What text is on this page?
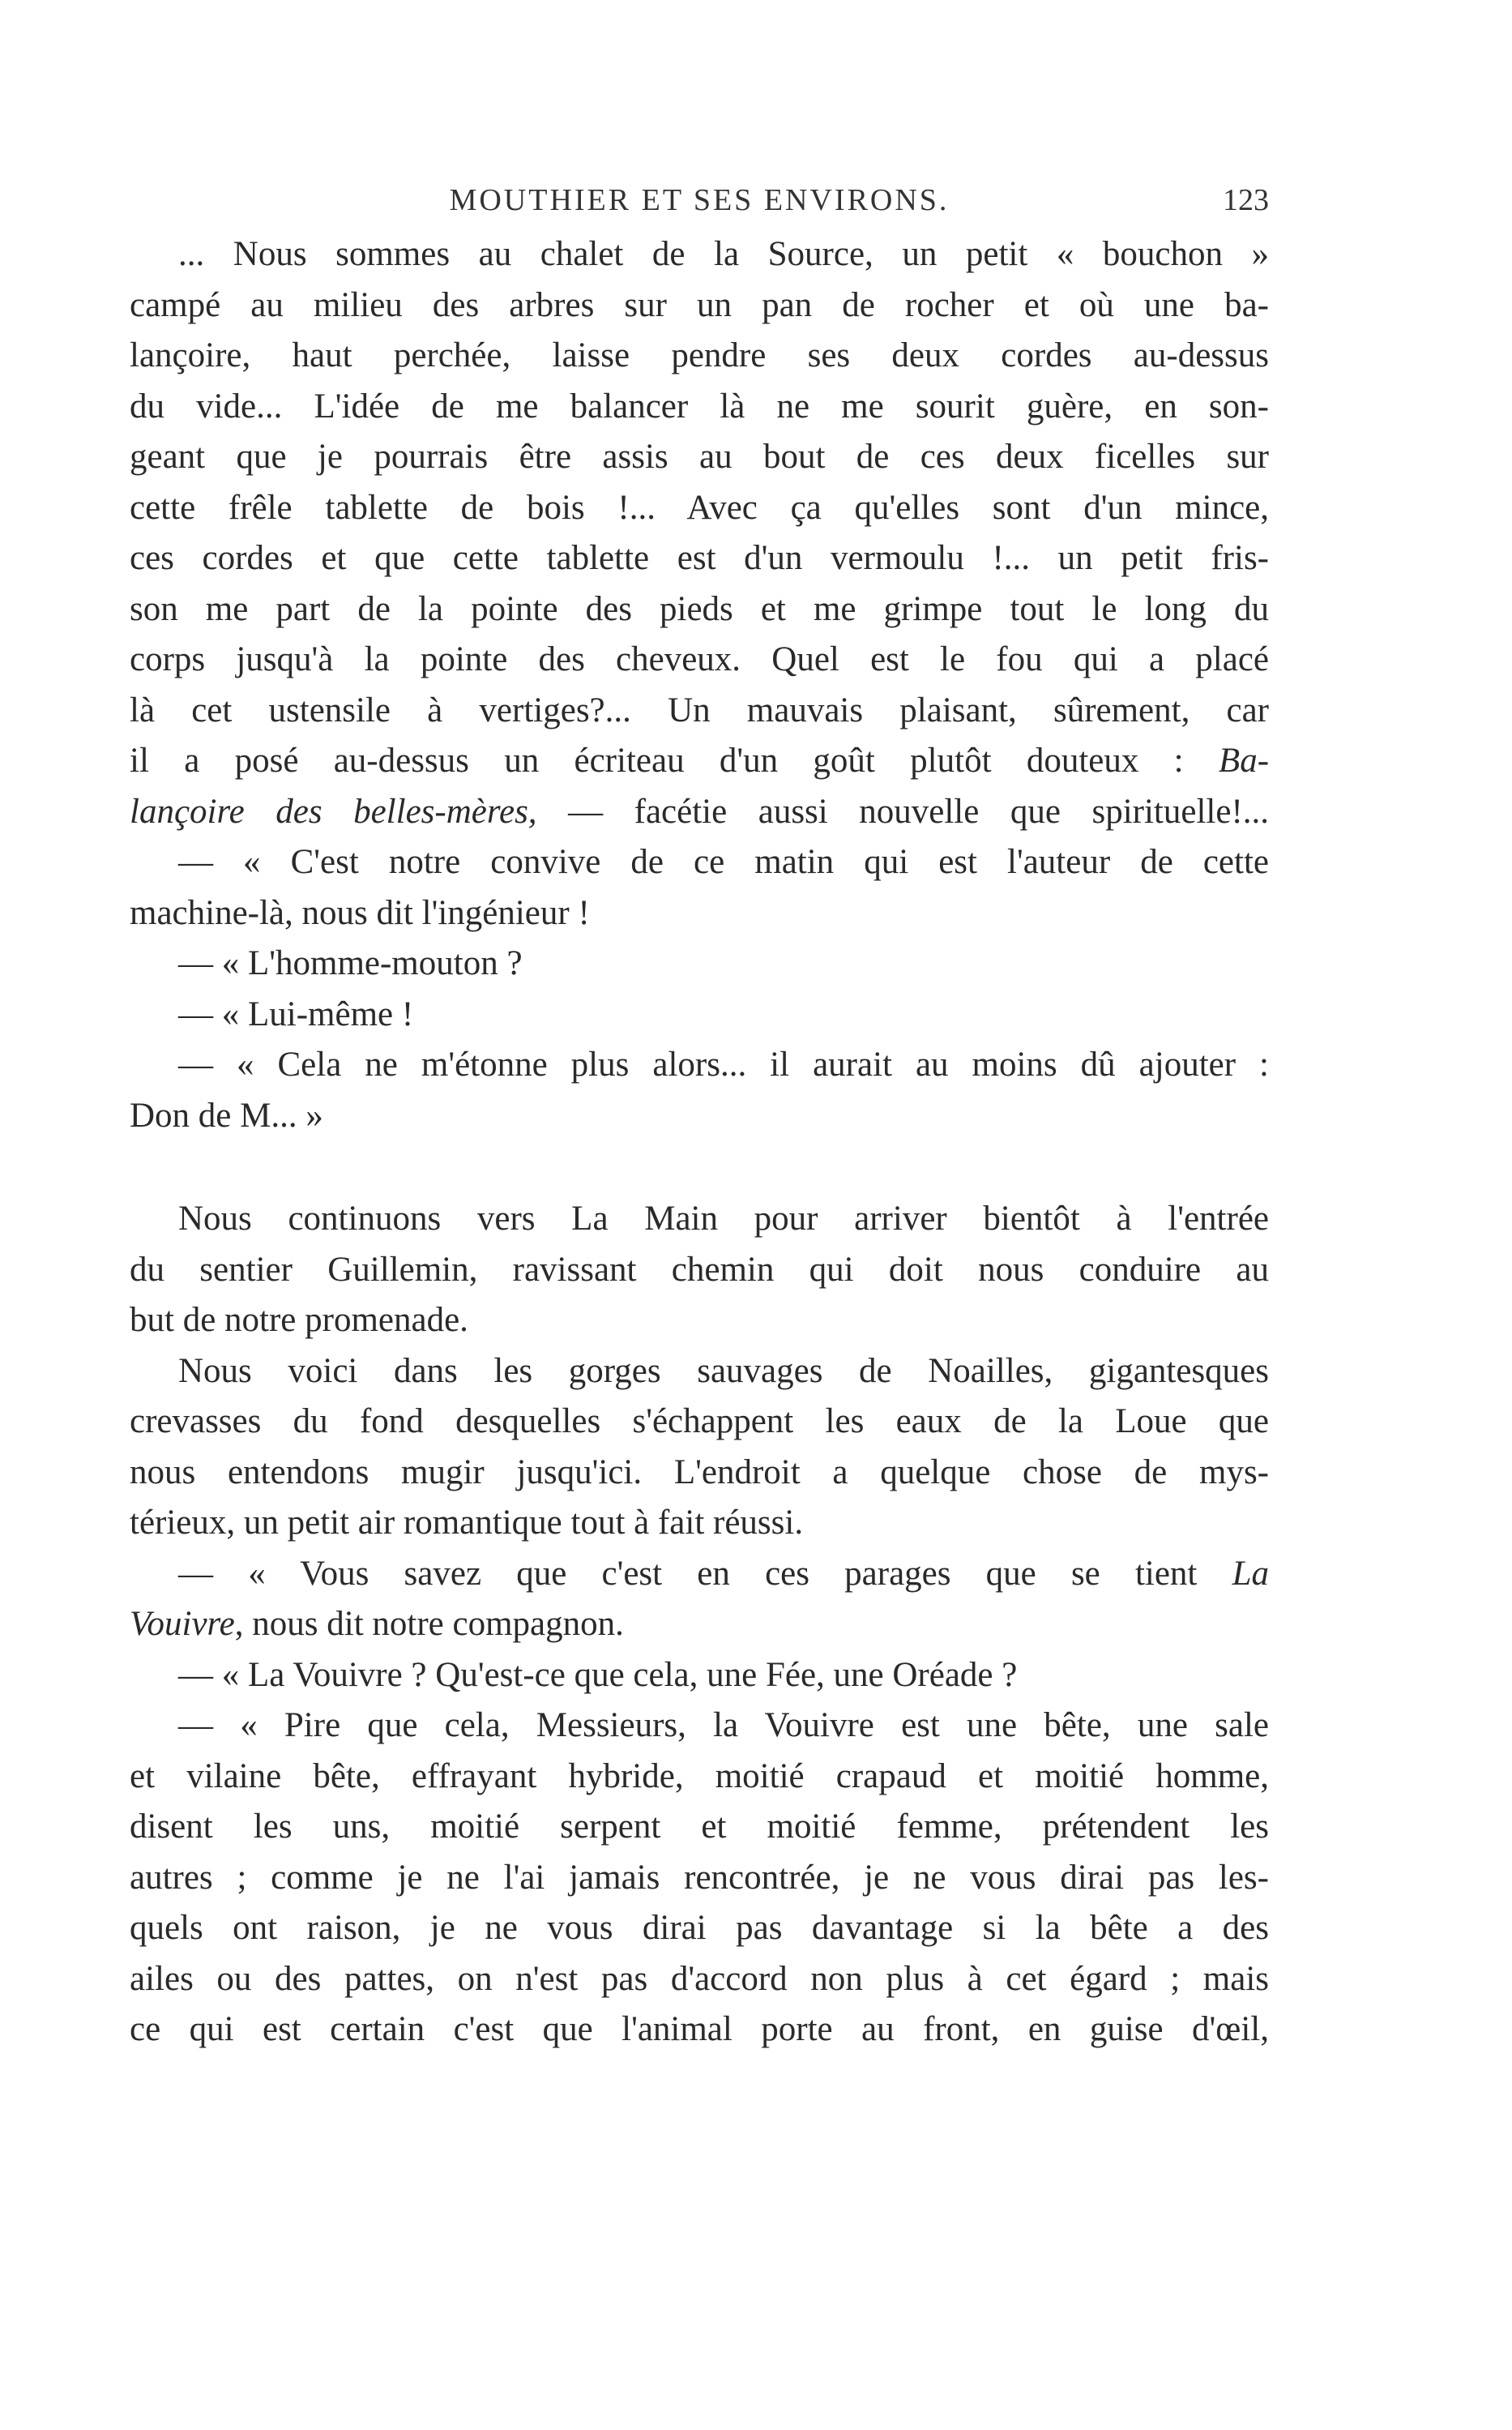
MOUTHIER ET SES ENVIRONS.	123
... Nous sommes au chalet de la Source, un petit « bouchon »
campé au milieu des arbres sur un pan de rocher et où une ba-
lançoire, haut perchée, laisse pendre ses deux cordes au-dessus
du vide... L'idée de me balancer là ne me sourit guère, en son-
geant que je pourrais être assis au bout de ces deux ficelles sur
cette frêle tablette de bois !... Avec ça qu'elles sont d'un mince,
ces cordes et que cette tablette est d'un vermoulu !... un petit fris-
son me part de la pointe des pieds et me grimpe tout le long du
corps jusqu'à la pointe des cheveux. Quel est le fou qui a placé
là cet ustensile à vertiges?... Un mauvais plaisant, sûrement, car
il a posé au-dessus un écriteau d'un goût plutôt douteux : Ba-
lançoire des belles-mères, — facétie aussi nouvelle que spirituelle!...
— « C'est notre convive de ce matin qui est l'auteur de cette
machine-là, nous dit l'ingénieur !
— « L'homme-mouton ?
— « Lui-même !
— « Cela ne m'étonne plus alors... il aurait au moins dû ajouter :
Don de M... »
Nous continuons vers La Main pour arriver bientôt à l'entrée
du sentier Guillemin, ravissant chemin qui doit nous conduire au
but de notre promenade.
Nous voici dans les gorges sauvages de Noailles, gigantesques
crevasses du fond desquelles s'échappent les eaux de la Loue que
nous entendons mugir jusqu'ici. L'endroit a quelque chose de mys-
térieux, un petit air romantique tout à fait réussi.
— « Vous savez que c'est en ces parages que se tient La
Vouivre, nous dit notre compagnon.
— « La Vouivre ? Qu'est-ce que cela, une Fée, une Oréade ?
— « Pire que cela, Messieurs, la Vouivre est une bête, une sale
et vilaine bête, effrayant hybride, moitié crapaud et moitié homme,
disent les uns, moitié serpent et moitié femme, prétendent les
autres ; comme je ne l'ai jamais rencontrée, je ne vous dirai pas les-
quels ont raison, je ne vous dirai pas davantage si la bête a des
ailes ou des pattes, on n'est pas d'accord non plus à cet égard ; mais
ce qui est certain c'est que l'animal porte au front, en guise d'œil,
